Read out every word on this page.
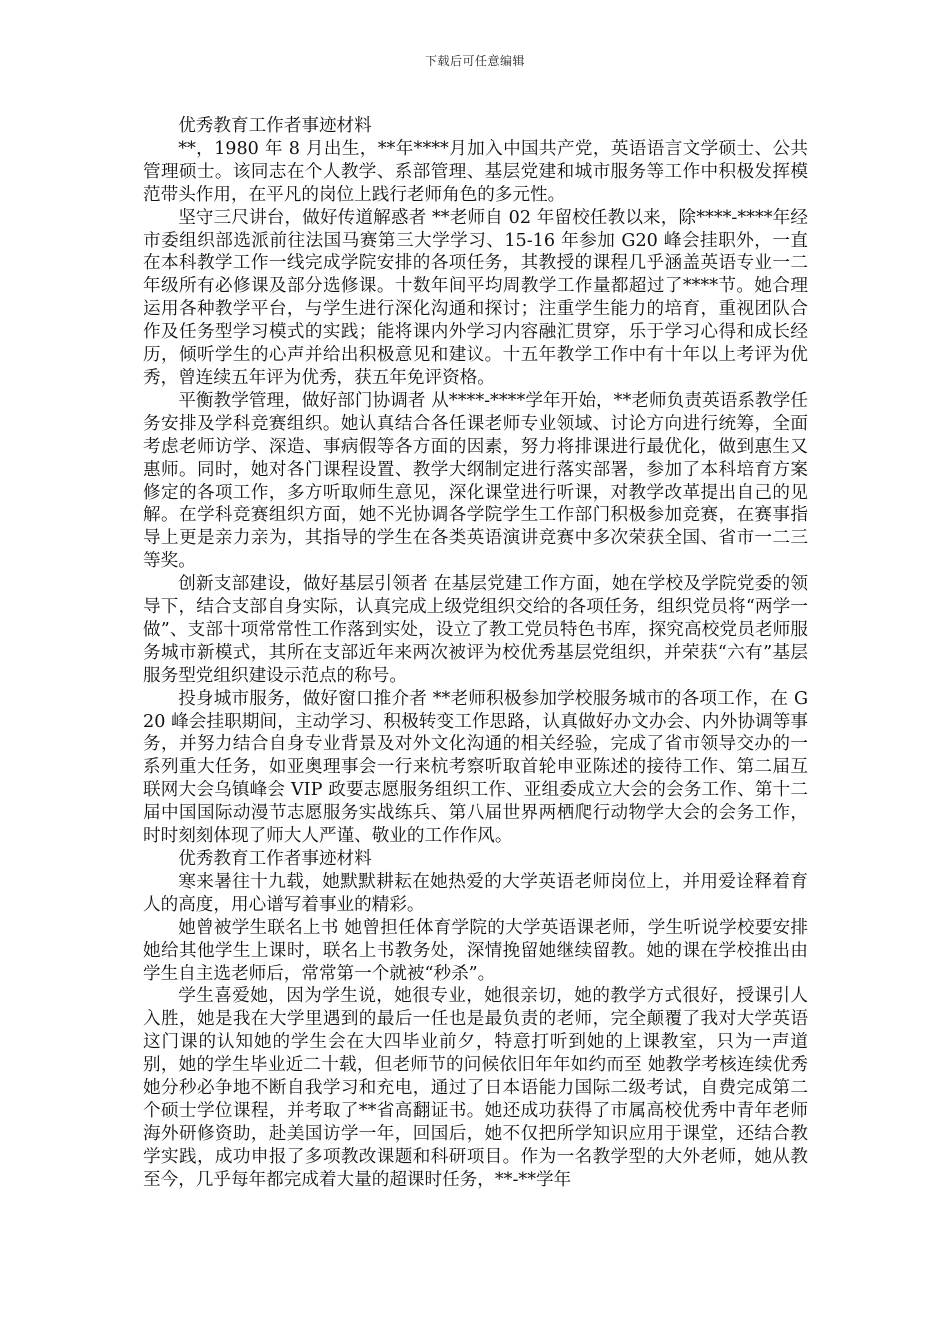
下载后可任意编辑

优秀教育工作者事迹材料

**，1980 年 8 月出生，**年****月加入中国共产党，英语语言文学硕士、公共管理硕士。该同志在个人教学、系部管理、基层党建和城市服务等工作中积极发挥模范带头作用，在平凡的岗位上践行老师角色的多元性。

坚守三尺讲台，做好传道解惑者 **老师自 02 年留校任教以来，除****-****年经市委组织部选派前往法国马赛第三大学学习、15-16 年参加 G20 峰会挂职外，一直在本科教学工作一线完成学院安排的各项任务，其教授的课程几乎涵盖英语专业一二年级所有必修课及部分选修课。十数年间平均周教学工作量都超过了****节。她合理运用各种教学平台，与学生进行深化沟通和探讨；注重学生能力的培育，重视团队合作及任务型学习模式的实践；能将课内外学习内容融汇贯穿，乐于学习心得和成长经历，倾听学生的心声并给出积极意见和建议。十五年教学工作中有十年以上考评为优秀，曾连续五年评为优秀，获五年免评资格。

平衡教学管理，做好部门协调者 从****-****学年开始，**老师负责英语系教学任务安排及学科竞赛组织。她认真结合各任课老师专业领域、讨论方向进行统筹，全面考虑老师访学、深造、事病假等各方面的因素，努力将排课进行最优化，做到惠生又惠师。同时，她对各门课程设置、教学大纲制定进行落实部署，参加了本科培育方案修定的各项工作，多方听取师生意见，深化课堂进行听课，对教学改革提出自己的见解。在学科竞赛组织方面，她不光协调各学院学生工作部门积极参加竞赛，在赛事指导上更是亲力亲为，其指导的学生在各类英语演讲竞赛中多次荣获全国、省市一二三等奖。

创新支部建设，做好基层引领者 在基层党建工作方面，她在学校及学院党委的领导下，结合支部自身实际，认真完成上级党组织交给的各项任务，组织党员将“两学一做”、支部十项常常性工作落到实处，设立了教工党员特色书库，探究高校党员老师服务城市新模式，其所在支部近年来两次被评为校优秀基层党组织，并荣获“六有”基层服务型党组织建设示范点的称号。

投身城市服务，做好窗口推介者 **老师积极参加学校服务城市的各项工作，在 G20 峰会挂职期间，主动学习、积极转变工作思路，认真做好办文办会、内外协调等事务，并努力结合自身专业背景及对外文化沟通的相关经验，完成了省市领导交办的一系列重大任务，如亚奥理事会一行来杭考察听取首轮申亚陈述的接待工作、第二届互联网大会乌镇峰会 VIP 政要志愿服务组织工作、亚组委成立大会的会务工作、第十二届中国国际动漫节志愿服务实战练兵、第八届世界两栖爬行动物学大会的会务工作，时时刻刻体现了师大人严谨、敬业的工作作风。

优秀教育工作者事迹材料

寒来暑往十九载，她默默耕耘在她热爱的大学英语老师岗位上，并用爱诠释着育人的高度，用心谱写着事业的精彩。

她曾被学生联名上书 她曾担任体育学院的大学英语课老师，学生听说学校要安排她给其他学生上课时，联名上书教务处，深情挽留她继续留教。她的课在学校推出由学生自主选老师后，常常第一个就被“秒杀”。

学生喜爱她，因为学生说，她很专业，她很亲切，她的教学方式很好，授课引人入胜，她是我在大学里遇到的最后一任也是最负责的老师，完全颠覆了我对大学英语这门课的认知她的学生会在大四毕业前夕，特意打听到她的上课教室，只为一声道别，她的学生毕业近二十载，但老师节的问候依旧年年如约而至 她教学考核连续优秀 她分秒必争地不断自我学习和充电，通过了日本语能力国际二级考试，自费完成第二个硕士学位课程，并考取了**省高翻证书。她还成功获得了市属高校优秀中青年老师海外研修资助，赴美国访学一年，回国后，她不仅把所学知识应用于课堂，还结合教学实践，成功申报了多项教改课题和科研项目。作为一名教学型的大外老师，她从教至今，几乎每年都完成着大量的超课时任务，**-**学年
